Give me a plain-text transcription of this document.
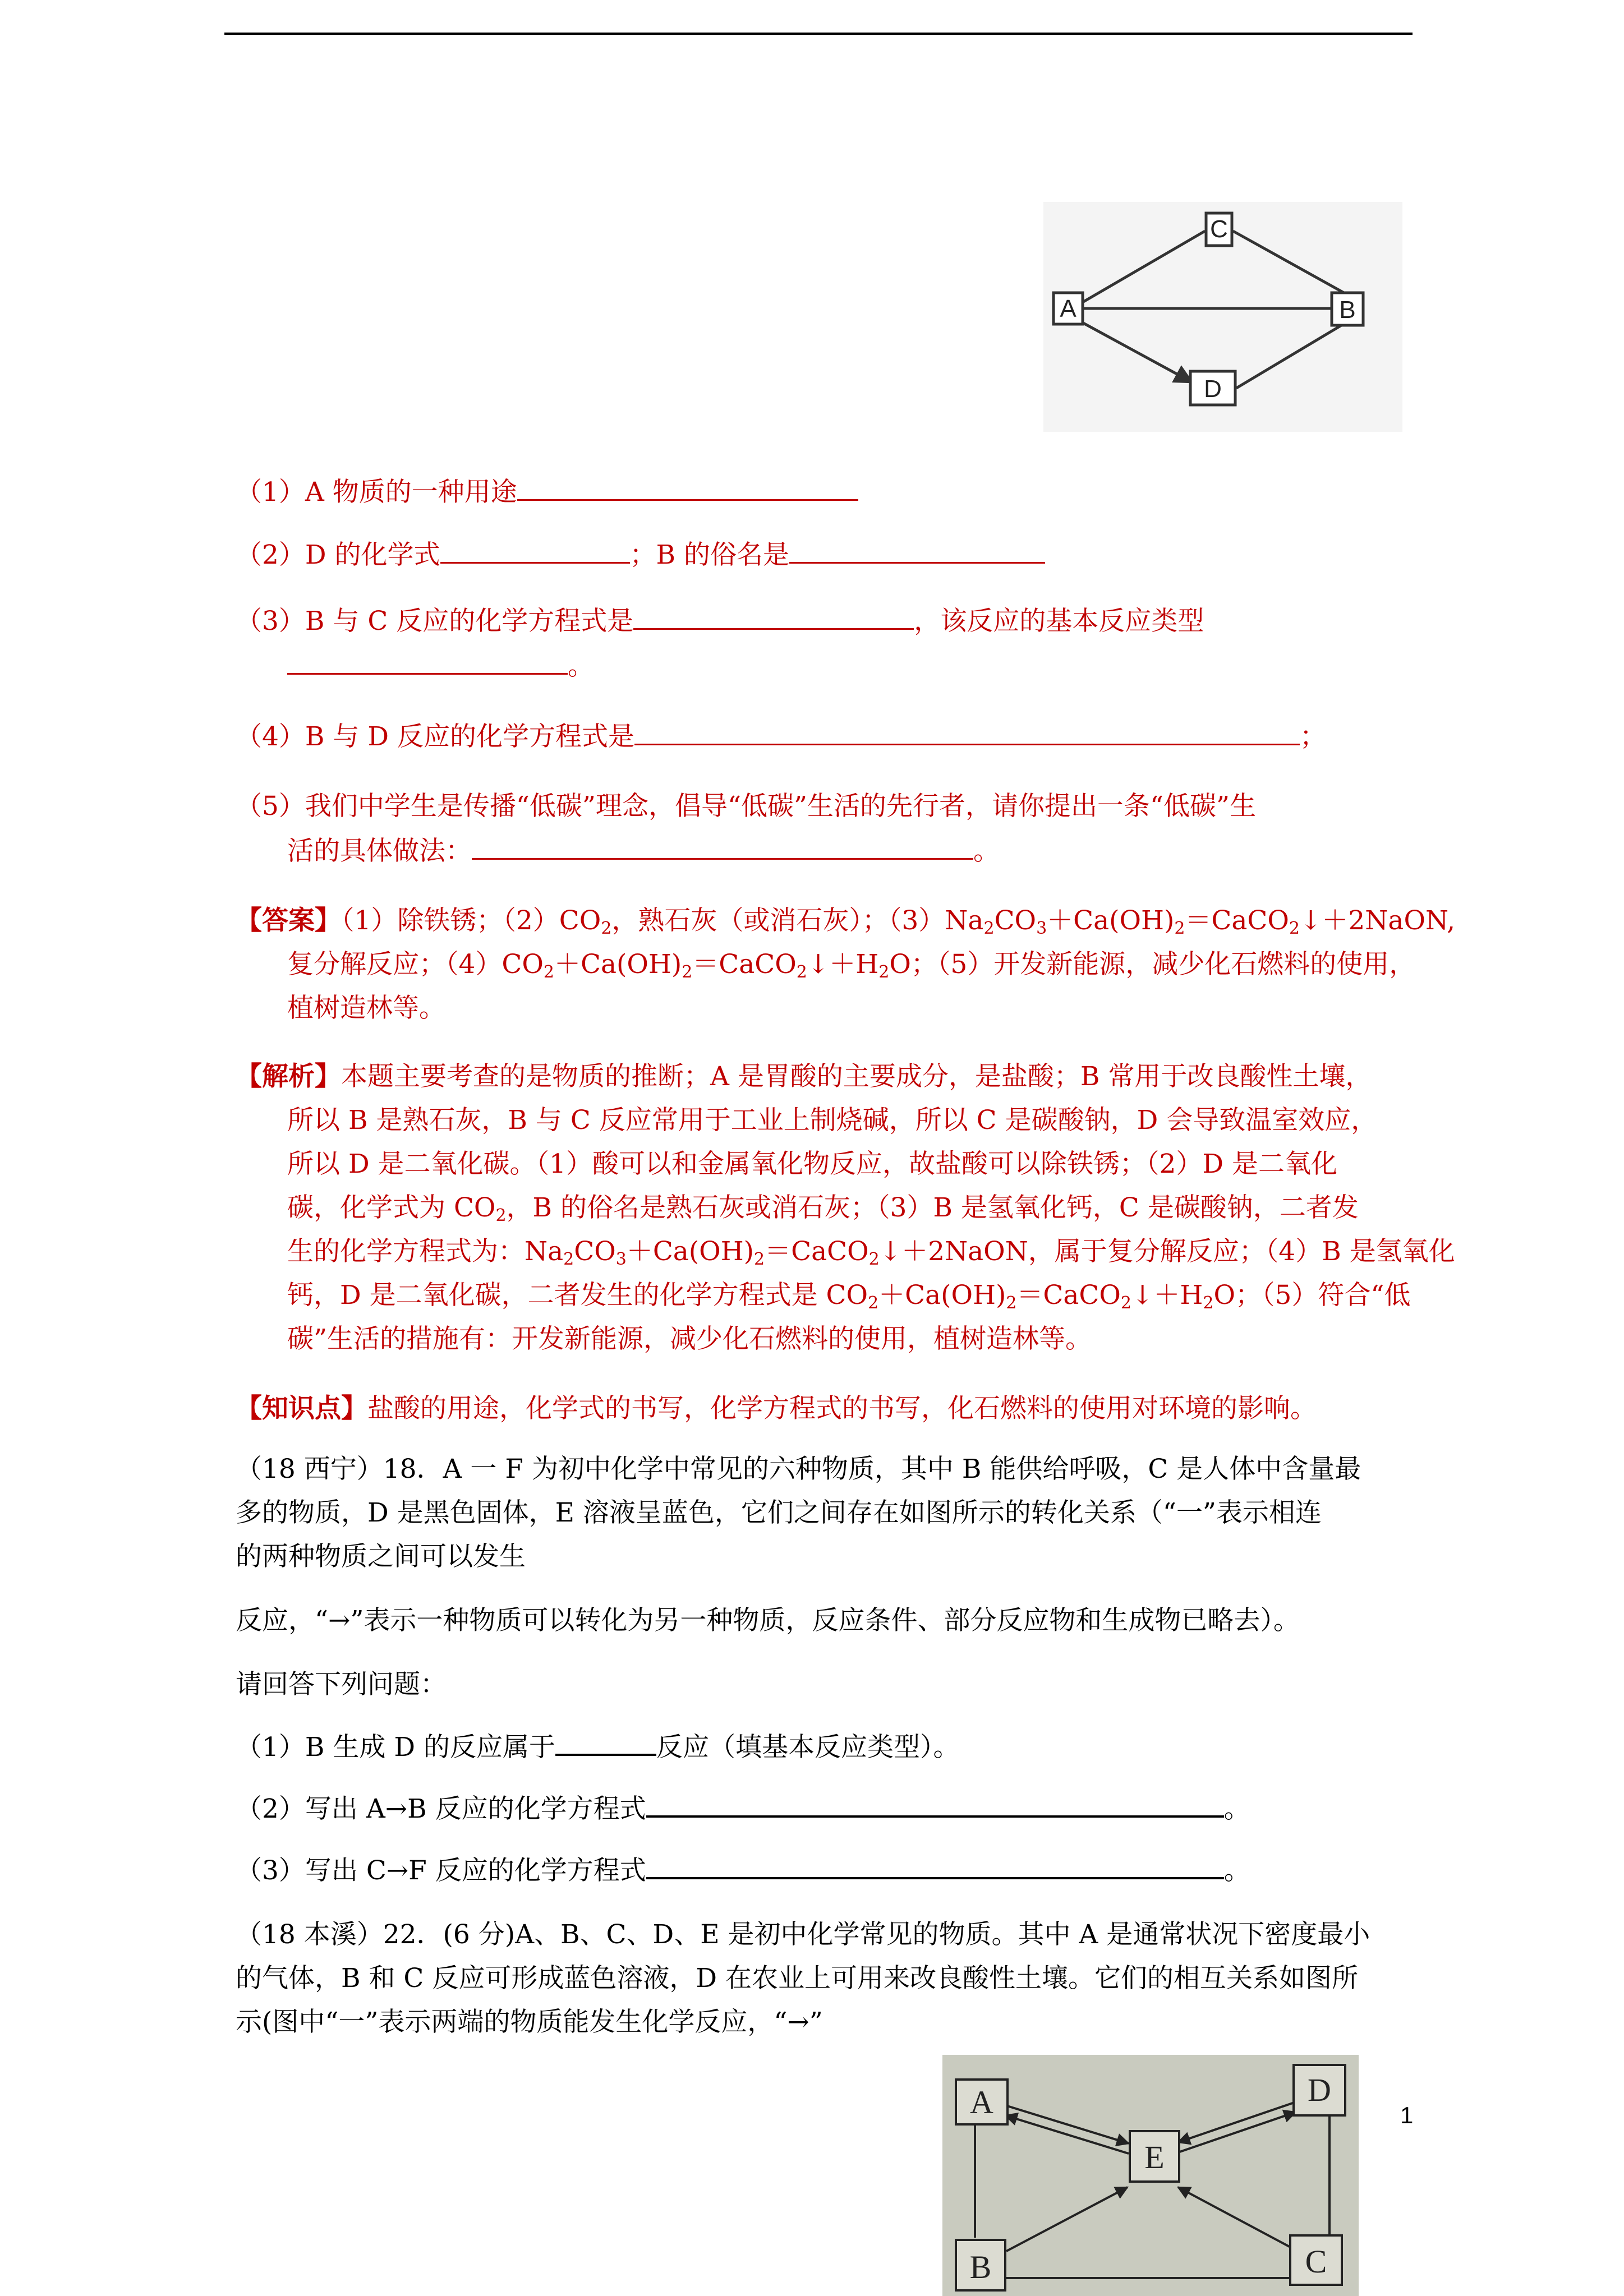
C
A	B
D
（1）A 物质的一种用途
（2）D 的化学式	；B 的俗名是
（3）B 与 C 反应的化学方程式是	，该反应的基本反应类型
。
（4）B 与 D 反应的化学方程式是	；
（5）我们中学生是传播“低碳”理念，倡导“低碳”生活的先行者，请你提出一条“低碳”生
活的具体做法：	。
【答案】（1）除铁锈；$(2)CO_2$，熟石灰（或消石灰）；$(3)Na_2CO_3+Ca(OH)_2=CaCO_2↓+2NaON$,
复分解反应；$(4)CO_2+Ca(OH)_2=CaCO_2↓+H_2O$；（5）开发新能源，减少化石燃料的使用，
植树造林等。
【解析】本题主要考查的是物质的推断；A 是胃酸的主要成分，是盐酸；B 常用于改良酸性土壤，
所以 B 是熟石灰，B 与 C 反应常用于工业上制烧碱，所以 C 是碳酸钠，D 会导致温室效应，
所以 D 是二氧化碳。（1）酸可以和金属氧化物反应，故盐酸可以除铁锈；（2）D 是二氧化
碳，化学式为 $CO_2$，B 的俗名是熟石灰或消石灰；（3）B 是氢氧化钙，C 是碳酸钠，二者发
生的化学方程式为：$Na_2CO_3+Ca(OH)_2=CaCO_2↓+2NaON$，属于复分解反应；（4）B 是氢氧化
钙，D 是二氧化碳，二者发生的化学方程式是 $CO_2+Ca(OH)_2=CaCO_2↓+H_2O$；（5）符合“低
碳”生活的措施有：开发新能源，减少化石燃料的使用，植树造林等。
【知识点】盐酸的用途，化学式的书写，化学方程式的书写，化石燃料的使用对环境的影响。
（18 西宁）18．A 一 F 为初中化学中常见的六种物质，其中 B 能供给呼吸，C 是人体中含量最
多的物质，D 是黑色固体，E 溶液呈蓝色，它们之间存在如图所示的转化关系（“一”表示相连
的两种物质之间可以发生
反应，“→”表示一种物质可以转化为另一种物质，反应条件、部分反应物和生成物已略去）。
请回答下列问题：
（1）B 生成 D 的反应属于	反应（填基本反应类型）。
（2）写出 A→B 反应的化学方程式	。
（3）写出 C→F 反应的化学方程式	。
（18 本溪）22．(6 分)A、B、C、D、E 是初中化学常见的物质。其中 A 是通常状况下密度最小
的气体，B 和 C 反应可形成蓝色溶液，D 在农业上可用来改良酸性土壤。它们的相互关系如图所
示(图中“一”表示两端的物质能发生化学反应，“→”
A	D
E
B	C
1
